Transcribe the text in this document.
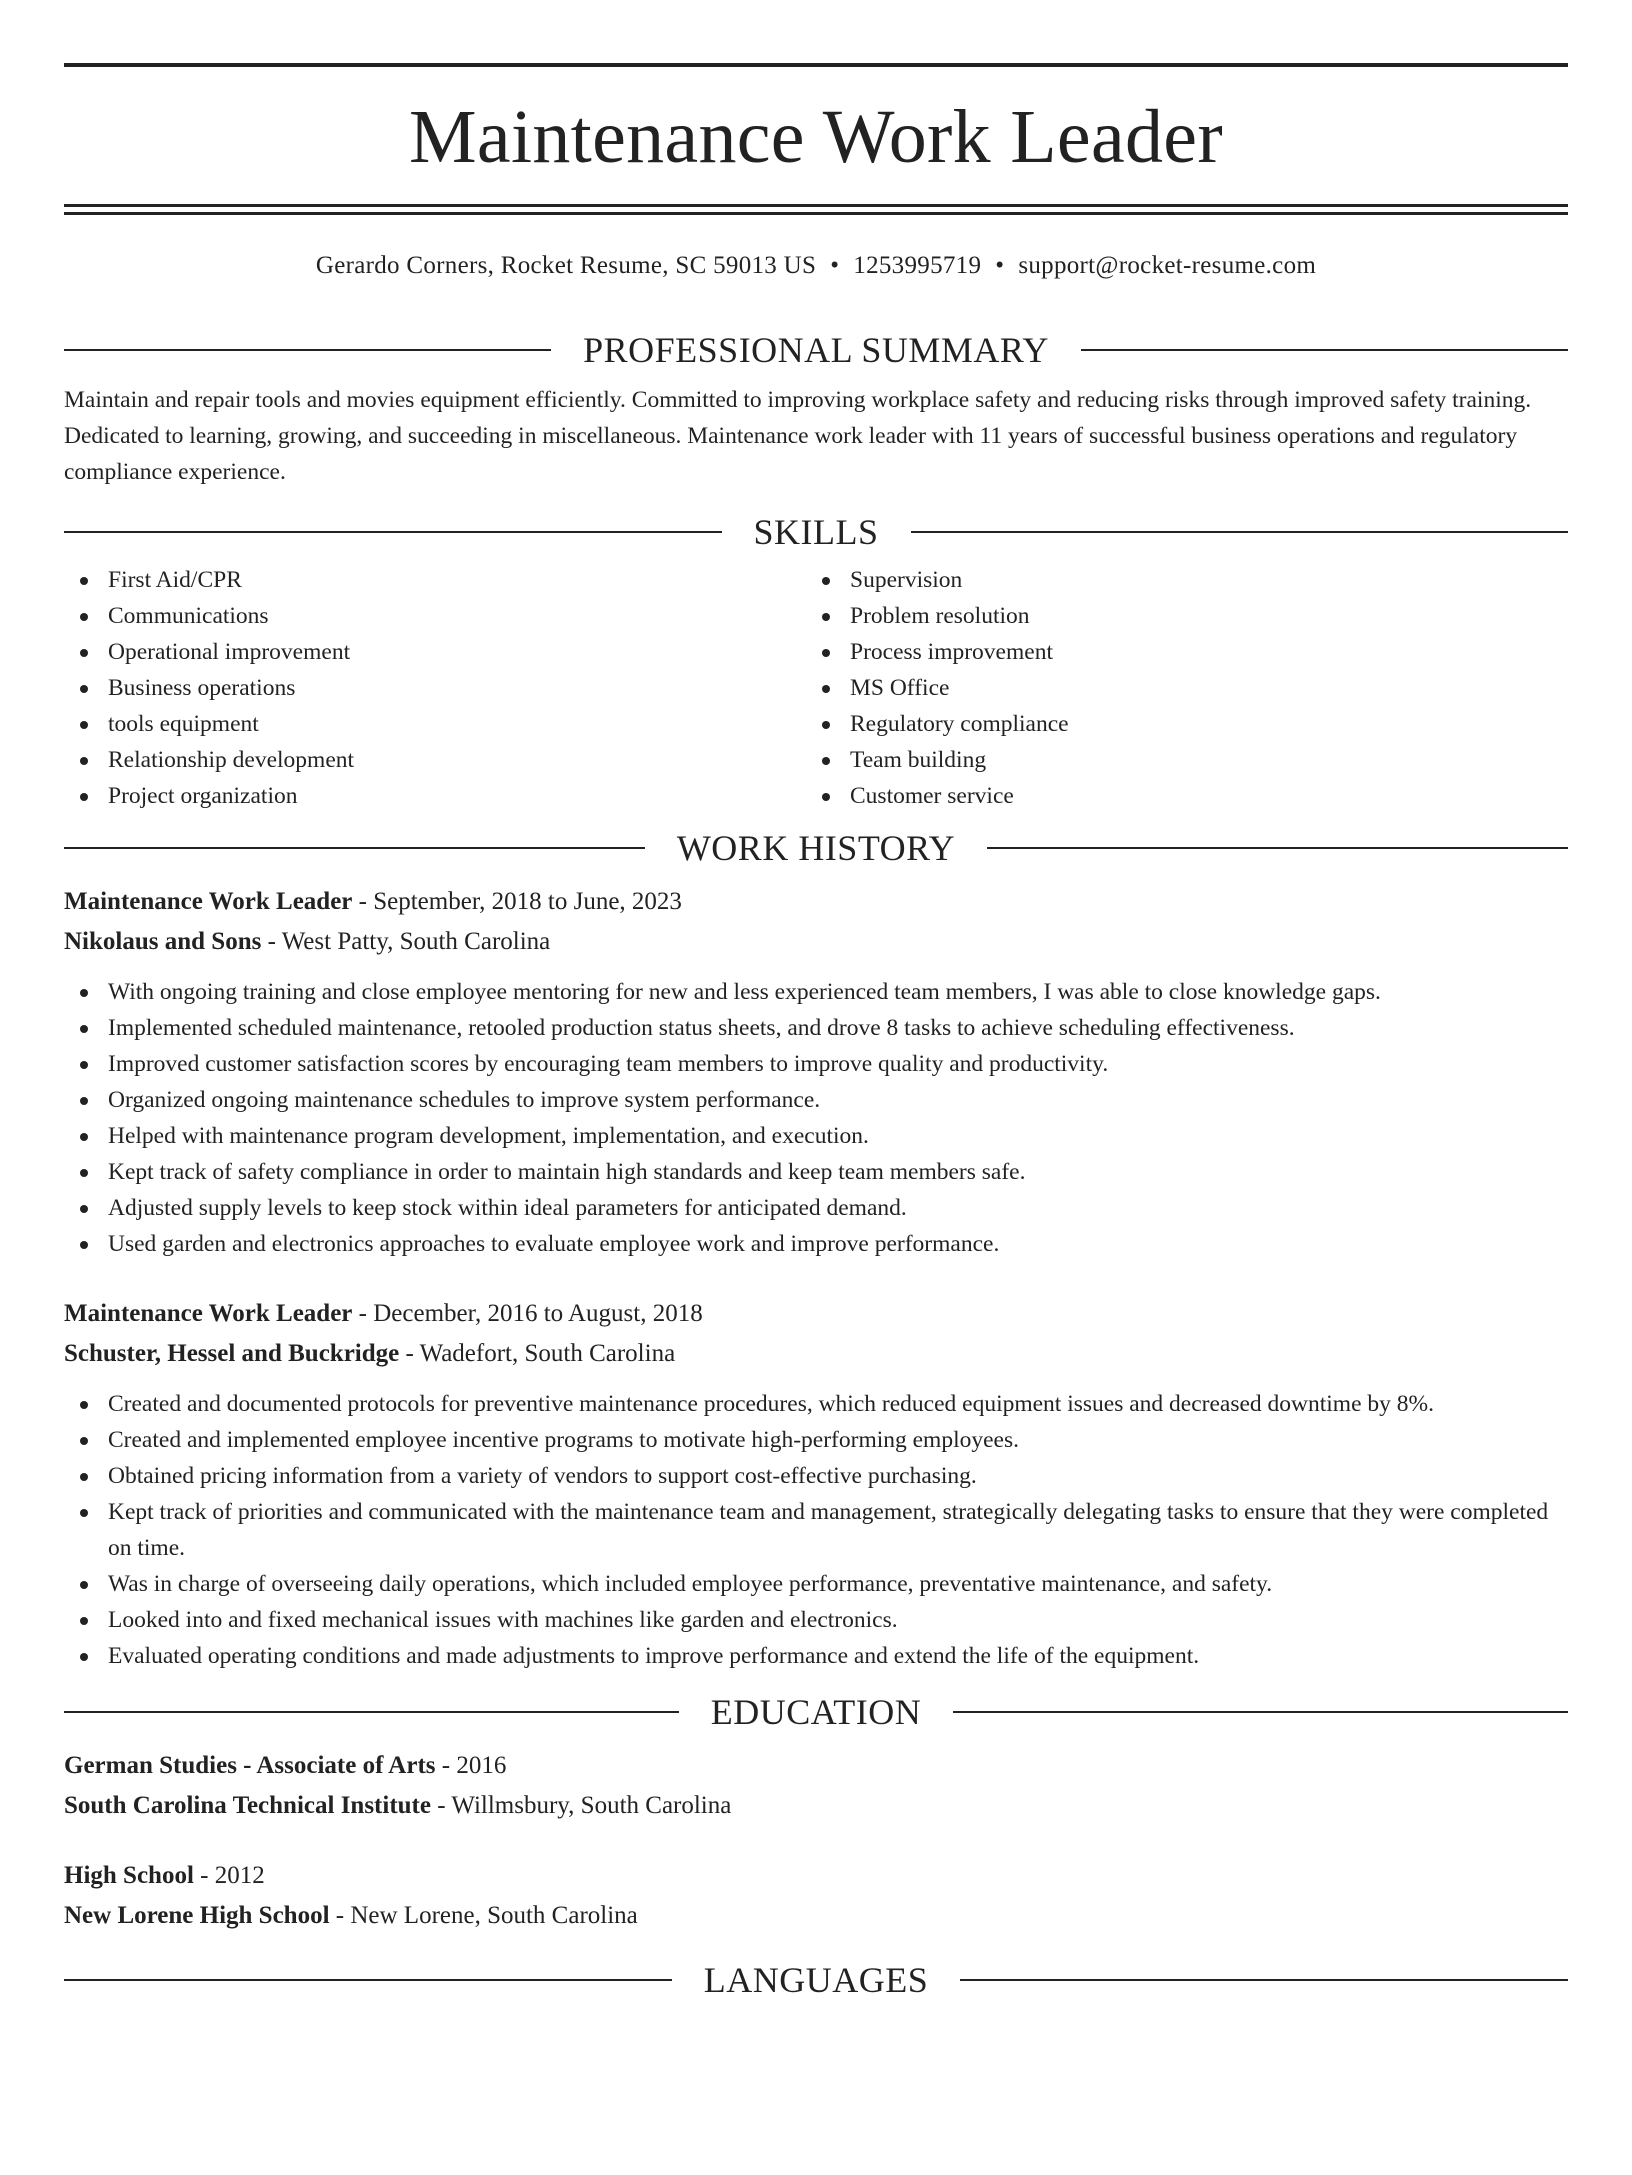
Maintenance Work Leader
Gerardo Corners, Rocket Resume, SC 59013 US • 1253995719 • support@rocket-resume.com
PROFESSIONAL SUMMARY

Maintain and repair tools and movies equipment efficiently. Committed to improving workplace safety and reducing risks through improved safety training. Dedicated to learning, growing, and succeeding in miscellaneous. Maintenance work leader with 11 years of successful business operations and regulatory compliance experience.

SKILLS
First Aid/CPR
Communications
Operational improvement
Business operations
tools equipment
Relationship development
Project organization
Supervision
Problem resolution
Process improvement
MS Office
Regulatory compliance
Team building
Customer service
WORK HISTORY
Maintenance Work Leader - September, 2018 to June, 2023
Nikolaus and Sons - West Patty, South Carolina
With ongoing training and close employee mentoring for new and less experienced team members, I was able to close knowledge gaps.
Implemented scheduled maintenance, retooled production status sheets, and drove 8 tasks to achieve scheduling effectiveness.
Improved customer satisfaction scores by encouraging team members to improve quality and productivity.
Organized ongoing maintenance schedules to improve system performance.
Helped with maintenance program development, implementation, and execution.
Kept track of safety compliance in order to maintain high standards and keep team members safe.
Adjusted supply levels to keep stock within ideal parameters for anticipated demand.
Used garden and electronics approaches to evaluate employee work and improve performance.
Maintenance Work Leader - December, 2016 to August, 2018
Schuster, Hessel and Buckridge - Wadefort, South Carolina
Created and documented protocols for preventive maintenance procedures, which reduced equipment issues and decreased downtime by 8%.
Created and implemented employee incentive programs to motivate high-performing employees.
Obtained pricing information from a variety of vendors to support cost-effective purchasing.
Kept track of priorities and communicated with the maintenance team and management, strategically delegating tasks to ensure that they were completed on time.
Was in charge of overseeing daily operations, which included employee performance, preventative maintenance, and safety.
Looked into and fixed mechanical issues with machines like garden and electronics.
Evaluated operating conditions and made adjustments to improve performance and extend the life of the equipment.
EDUCATION
German Studies - Associate of Arts - 2016
South Carolina Technical Institute - Willmsbury, South Carolina
High School - 2012
New Lorene High School - New Lorene, South Carolina
LANGUAGES
